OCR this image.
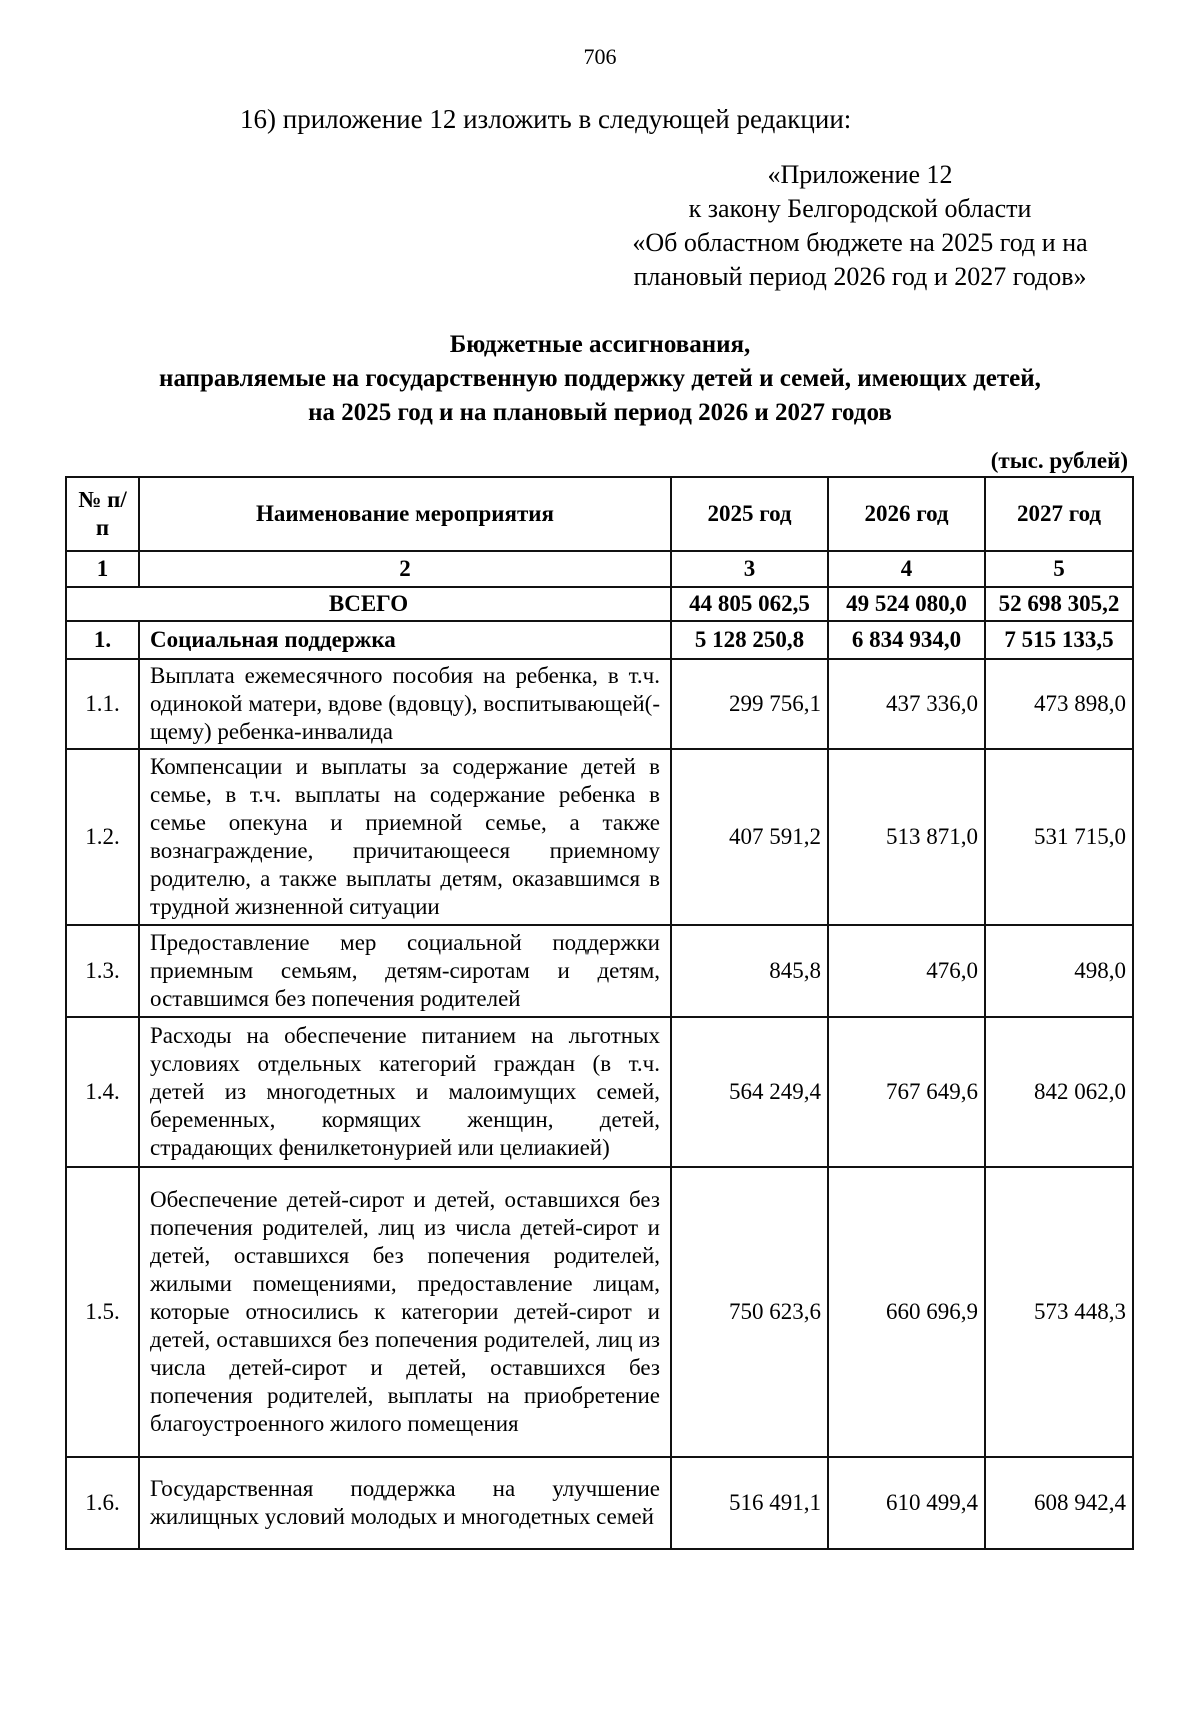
706
16) приложение 12 изложить в следующей редакции:
«Приложение 12
к закону Белгородской области
«Об областном бюджете на 2025 год и на
плановый период 2026 год и 2027 годов»
Бюджетные ассигнования,
направляемые на государственную поддержку детей и семей, имеющих детей,
на 2025 год и на плановый период 2026 и 2027 годов
(тыс. рублей)
№ п/п	Наименование мероприятия	2025 год	2026 год	2027 год
1	2	3	4	5
ВСЕГО		44 805 062,5	49 524 080,0	52 698 305,2
1.	Социальная поддержка	5 128 250,8	6 834 934,0	7 515 133,5
1.1.	Выплата ежемесячного пособия на ребенка, в т.ч. одинокой матери, вдове (вдовцу), воспитывающей(-щему) ребенка-инвалида	299 756,1	437 336,0	473 898,0
1.2.	Компенсации и выплаты за содержание детей в семье, в т.ч. выплаты на содержание ребенка в семье опекуна и приемной семье, а также вознаграждение, причитающееся приемному родителю, а также выплаты детям, оказавшимся в трудной жизненной ситуации	407 591,2	513 871,0	531 715,0
1.3.	Предоставление мер социальной поддержки приемным семьям, детям-сиротам и детям, оставшимся без попечения родителей	845,8	476,0	498,0
1.4.	Расходы на обеспечение питанием на льготных условиях отдельных категорий граждан (в т.ч. детей из многодетных и малоимущих семей, беременных, кормящих женщин, детей, страдающих фенилкетонурией или целиакией)	564 249,4	767 649,6	842 062,0
1.5.	Обеспечение детей-сирот и детей, оставшихся без попечения родителей, лиц из числа детей-сирот и детей, оставшихся без попечения родителей, жилыми помещениями, предоставление лицам, которые относились к категории детей-сирот и детей, оставшихся без попечения родителей, лиц из числа детей-сирот и детей, оставшихся без попечения родителей, выплаты на приобретение благоустроенного жилого помещения	750 623,6	660 696,9	573 448,3
1.6.	Государственная поддержка на улучшение жилищных условий молодых и многодетных семей	516 491,1	610 499,4	608 942,4
